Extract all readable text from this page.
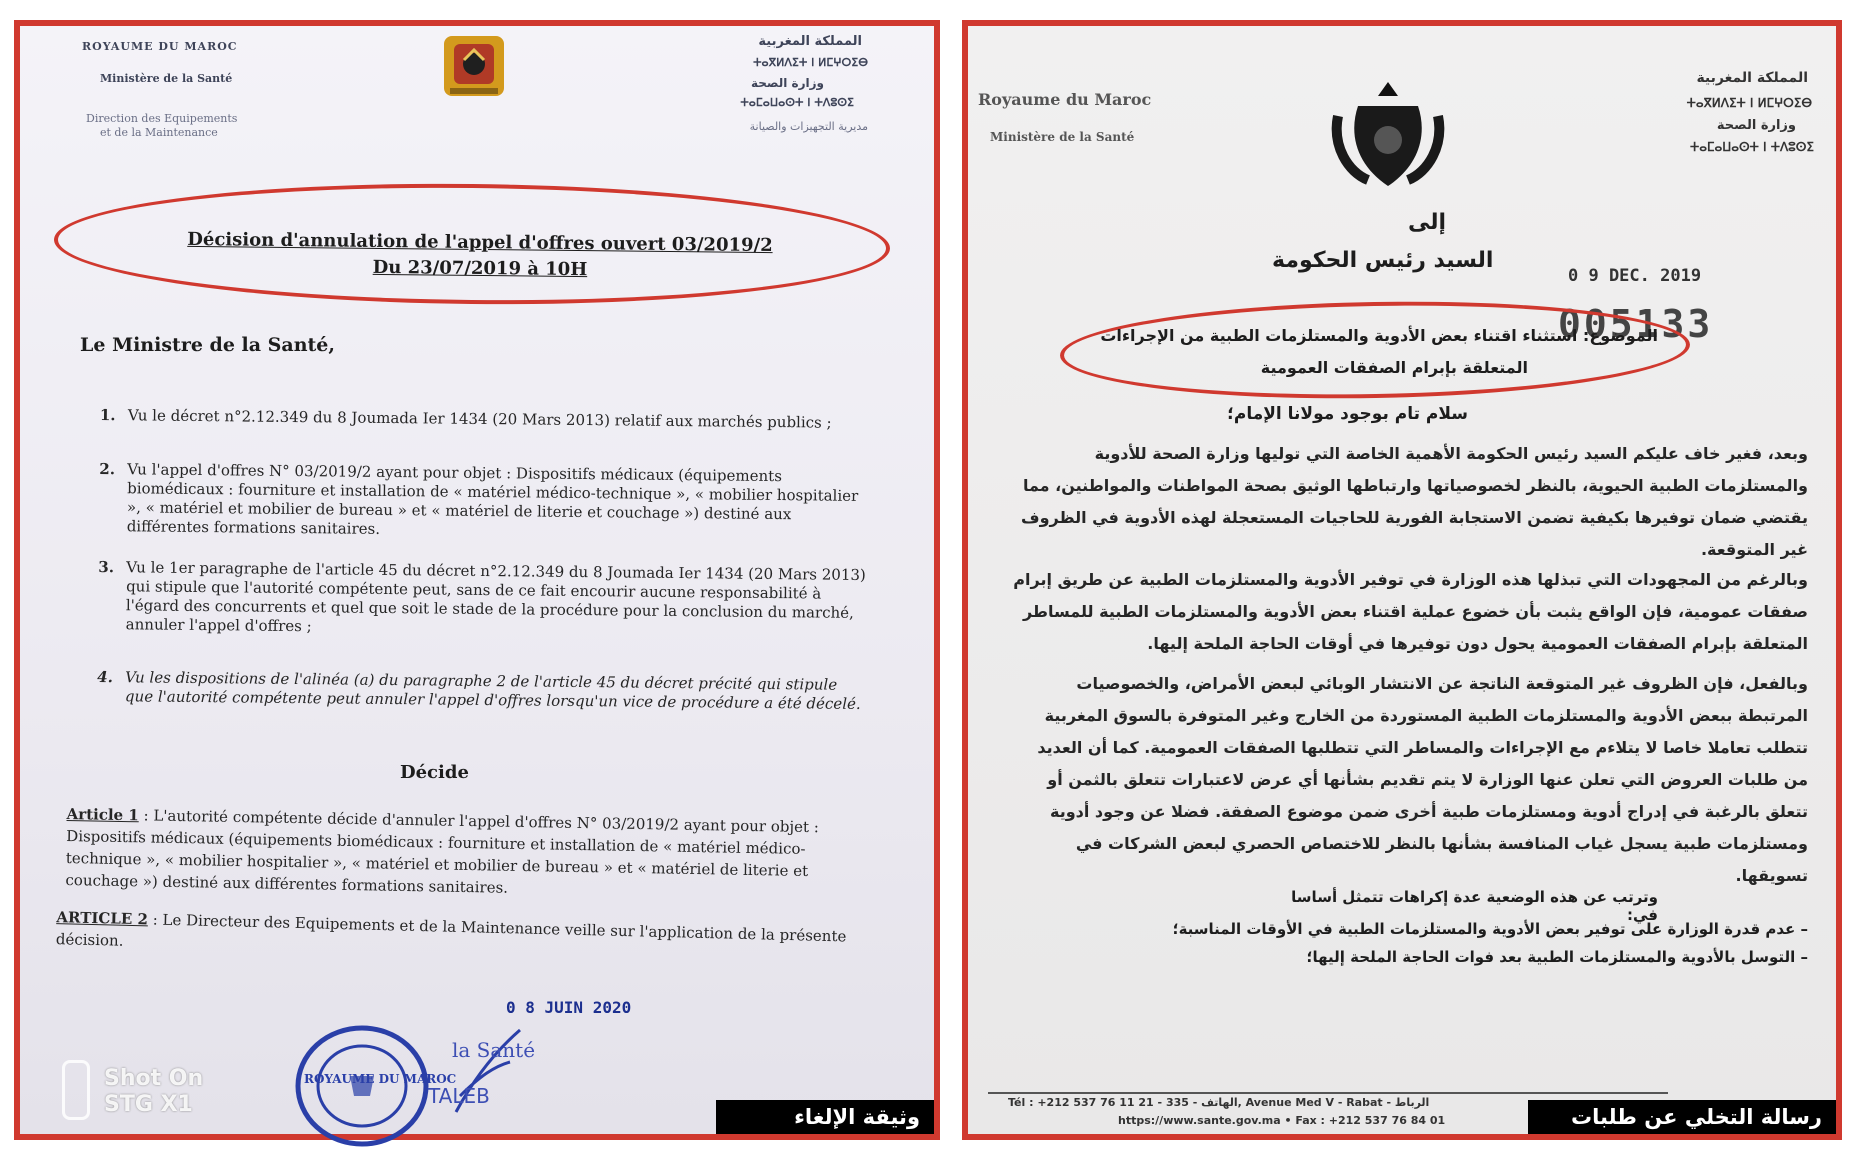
ROYAUME DU MAROC
Ministère de la Santé
Direction des Equipements
et de la Maintenance
المملكة المغربية
ⵜⴰⴳⵍⴷⵉⵜ ⵏ ⵍⵎⵖⵔⵉⴱ
وزارة الصحة
ⵜⴰⵎⴰⵡⴰⵙⵜ ⵏ ⵜⴷⵓⵙⵉ
مديرية التجهيزات والصيانة
Décision d'annulation de l'appel d'offres ouvert 03/2019/2
Du 23/07/2019 à 10H
Le Ministre de la Santé,
1. Vu le décret n°2.12.349 du 8 Joumada Ier 1434 (20 Mars 2013) relatif aux marchés publics ;
2. Vu l'appel d'offres N° 03/2019/2 ayant pour objet : Dispositifs médicaux (équipements biomédicaux : fourniture et installation de « matériel médico-technique », « mobilier hospitalier », « matériel et mobilier de bureau » et « matériel de literie et couchage ») destiné aux différentes formations sanitaires.
3. Vu le 1er paragraphe de l'article 45 du décret n°2.12.349 du 8 Joumada Ier 1434 (20 Mars 2013) qui stipule que l'autorité compétente peut, sans de ce fait encourir aucune responsabilité à l'égard des concurrents et quel que soit le stade de la procédure pour la conclusion du marché, annuler l'appel d'offres ;
4. Vu les dispositions de l'alinéa (a) du paragraphe 2 de l'article 45 du décret précité qui stipule que l'autorité compétente peut annuler l'appel d'offres lorsqu'un vice de procédure a été décelé.
Décide
Article 1 : L'autorité compétente décide d'annuler l'appel d'offres N° 03/2019/2 ayant pour objet : Dispositifs médicaux (équipements biomédicaux : fourniture et installation de « matériel médico-technique », « mobilier hospitalier », « matériel et mobilier de bureau » et « matériel de literie et couchage ») destiné aux différentes formations sanitaires.
ARTICLE 2 : Le Directeur des Equipements et de la Maintenance veille sur l'application de la présente décision.
0 8 JUIN 2020
ROYAUME DU MAROC
la Santé
TALEB
Shot On
STG X1	وثيقة الإلغاء
Royaume du Maroc
Ministère de la Santé
المملكة المغربية
ⵜⴰⴳⵍⴷⵉⵜ ⵏ ⵍⵎⵖⵔⵉⴱ
وزارة الصحة
ⵜⴰⵎⴰⵡⴰⵙⵜ ⵏ ⵜⴷⵓⵙⵉ
إلى
السيد رئيس الحكومة
0 9 DEC. 2019
005133
الموضوع: استثناء اقتناء بعض الأدوية والمستلزمات الطبية من الإجراءات
المتعلقة بإبرام الصفقات العمومية
سلام تام بوجود مولانا الإمام؛
وبعد، فغير خاف عليكم السيد رئيس الحكومة الأهمية الخاصة التي توليها وزارة الصحة للأدوية والمستلزمات الطبية الحيوية، بالنظر لخصوصياتها وارتباطها الوثيق بصحة المواطنات والمواطنين، مما يقتضي ضمان توفيرها بكيفية تضمن الاستجابة الفورية للحاجيات المستعجلة لهذه الأدوية في الظروف غير المتوقعة.
وبالرغم من المجهودات التي تبذلها هذه الوزارة في توفير الأدوية والمستلزمات الطبية عن طريق إبرام صفقات عمومية، فإن الواقع يثبت بأن خضوع عملية اقتناء بعض الأدوية والمستلزمات الطبية للمساطر المتعلقة بإبرام الصفقات العمومية يحول دون توفيرها في أوقات الحاجة الملحة إليها.
وبالفعل، فإن الظروف غير المتوقعة الناتجة عن الانتشار الوبائي لبعض الأمراض، والخصوصيات المرتبطة ببعض الأدوية والمستلزمات الطبية المستوردة من الخارج وغير المتوفرة بالسوق المغربية تتطلب تعاملا خاصا لا يتلاءم مع الإجراءات والمساطر التي تتطلبها الصفقات العمومية. كما أن العديد من طلبات العروض التي تعلن عنها الوزارة لا يتم تقديم بشأنها أي عرض لاعتبارات تتعلق بالثمن أو تتعلق بالرغبة في إدراج أدوية ومستلزمات طبية أخرى ضمن موضوع الصفقة. فضلا عن وجود أدوية ومستلزمات طبية يسجل غياب المنافسة بشأنها بالنظر للاختصاص الحصري لبعض الشركات في تسويقها.
وترتب عن هذه الوضعية عدة إكراهات تتمثل أساسا في:
– عدم قدرة الوزارة على توفير بعض الأدوية والمستلزمات الطبية في الأوقات المناسبة؛
– التوسل بالأدوية والمستلزمات الطبية بعد فوات الحاجة الملحة إليها؛
Tél : +212 537 76 11 21 - الهاتف - 335, Avenue Med V - Rabat - الرباط
https://www.sante.gov.ma • Fax : +212 537 76 84 01	رسالة التخلي عن طلبات العروض
